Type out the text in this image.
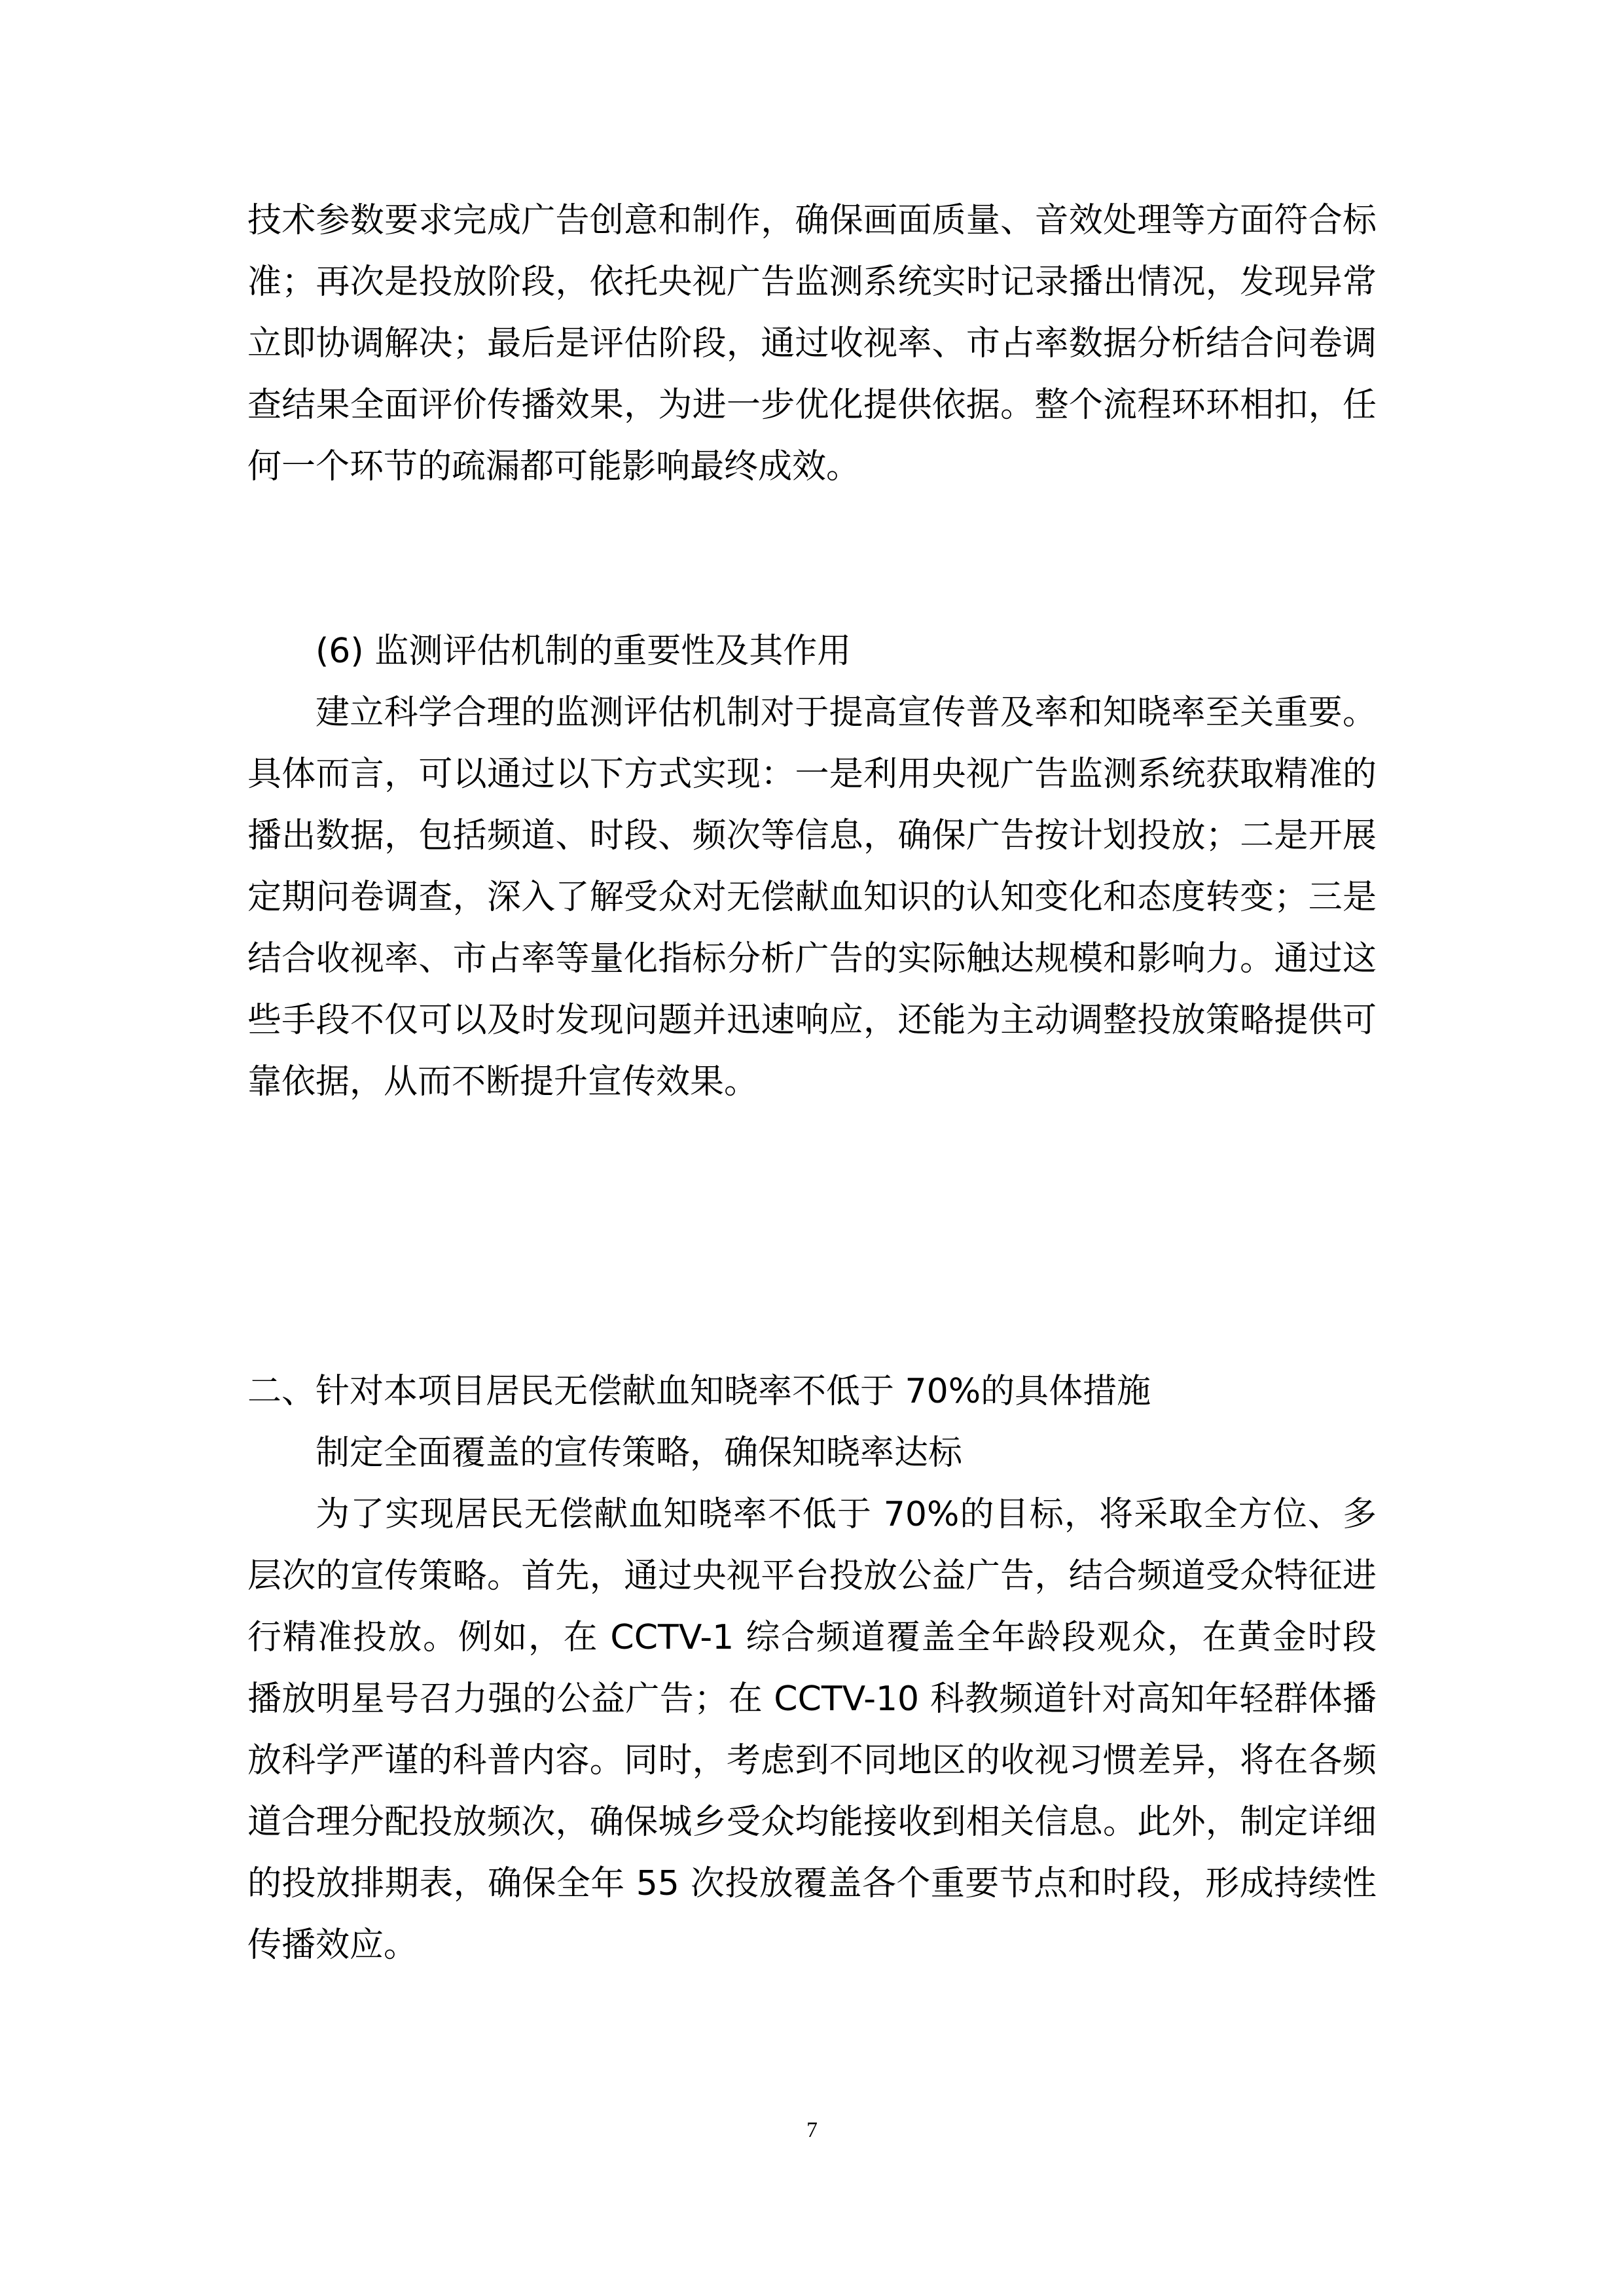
技术参数要求完成广告创意和制作，确保画面质量、音效处理等方面符合标准；再次是投放阶段，依托央视广告监测系统实时记录播出情况，发现异常立即协调解决；最后是评估阶段，通过收视率、市占率数据分析结合问卷调查结果全面评价传播效果，为进一步优化提供依据。整个流程环环相扣，任何一个环节的疏漏都可能影响最终成效。

(6) 监测评估机制的重要性及其作用

建立科学合理的监测评估机制对于提高宣传普及率和知晓率至关重要。具体而言，可以通过以下方式实现：一是利用央视广告监测系统获取精准的播出数据，包括频道、时段、频次等信息，确保广告按计划投放；二是开展定期问卷调查，深入了解受众对无偿献血知识的认知变化和态度转变；三是结合收视率、市占率等量化指标分析广告的实际触达规模和影响力。通过这些手段不仅可以及时发现问题并迅速响应，还能为主动调整投放策略提供可靠依据，从而不断提升宣传效果。

二、针对本项目居民无偿献血知晓率不低于 70%的具体措施

制定全面覆盖的宣传策略，确保知晓率达标

为了实现居民无偿献血知晓率不低于 70%的目标，将采取全方位、多层次的宣传策略。首先，通过央视平台投放公益广告，结合频道受众特征进行精准投放。例如，在 CCTV-1 综合频道覆盖全年龄段观众，在黄金时段播放明星号召力强的公益广告；在 CCTV-10 科教频道针对高知年轻群体播放科学严谨的科普内容。同时，考虑到不同地区的收视习惯差异，将在各频道合理分配投放频次，确保城乡受众均能接收到相关信息。此外，制定详细的投放排期表，确保全年 55 次投放覆盖各个重要节点和时段，形成持续性传播效应。

7
